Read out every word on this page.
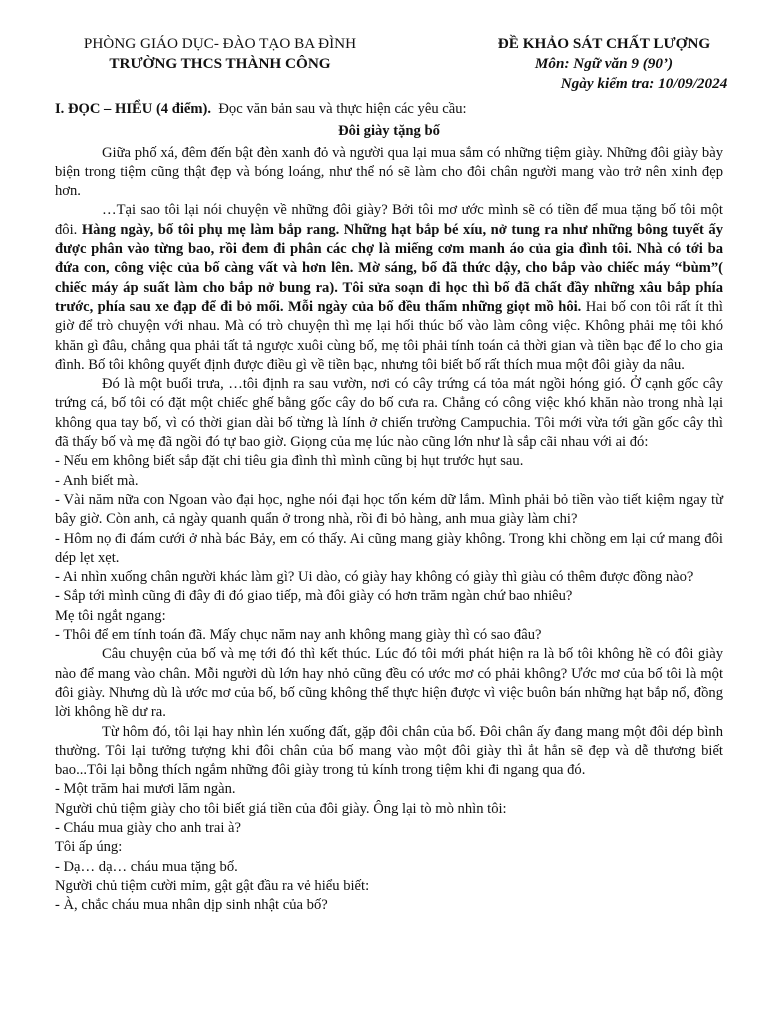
PHÒNG GIÁO DỤC- ĐÀO TẠO BA ĐÌNH
TRƯỜNG THCS THÀNH CÔNG
ĐỀ KHẢO SÁT CHẤT LƯỢNG
Môn: Ngữ văn 9 (90’)
Ngày kiểm tra: 10/09/2024

I. ĐỌC – HIỂU (4 điểm). Đọc văn bản sau và thực hiện các yêu cầu:

Đôi giày tặng bố

Giữa phố xá, đêm đến bật đèn xanh đỏ và người qua lại mua sắm có những tiệm giày. Những đôi giày bày biện trong tiệm cũng thật đẹp và bóng loáng, như thể nó sẽ làm cho đôi chân người mang vào trở nên xinh đẹp hơn.

…Tại sao tôi lại nói chuyện về những đôi giày? Bởi tôi mơ ước mình sẽ có tiền để mua tặng bố tôi một đôi. Hàng ngày, bố tôi phụ mẹ làm bắp rang. Những hạt bắp bé xíu, nở tung ra như những bông tuyết ấy được phân vào từng bao, rồi đem đi phân các chợ là miếng cơm manh áo của gia đình tôi. Nhà có tới ba đứa con, công việc của bố càng vất và hơn lên. Mờ sáng, bố đã thức dậy, cho bắp vào chiếc máy “bùm”( chiếc máy áp suất làm cho bắp nở bung ra). Tôi sửa soạn đi học thì bố đã chất đầy những xâu bắp phía trước, phía sau xe đạp để đi bỏ mối. Mỗi ngày của bố đều thấm những giọt mồ hôi. Hai bố con tôi rất ít thì giờ để trò chuyện với nhau. Mà có trò chuyện thì mẹ lại hối thúc bố vào làm công việc. Không phải mẹ tôi khó khăn gì đâu, chẳng qua phải tất tả ngược xuôi cùng bố, mẹ tôi phải tính toán cả thời gian và tiền bạc để lo cho gia đình. Bố tôi không quyết định được điều gì về tiền bạc, nhưng tôi biết bố rất thích mua một đôi giày da nâu.

Đó là một buổi trưa, …tôi định ra sau vườn, nơi có cây trứng cá tỏa mát ngồi hóng gió. Ở cạnh gốc cây trứng cá, bố tôi có đặt một chiếc ghế bằng gốc cây do bố cưa ra. Chẳng có công việc khó khăn nào trong nhà lại không qua tay bố, vì có thời gian dài bố từng là lính ở chiến trường Campuchia. Tôi mới vừa tới gần gốc cây thì đã thấy bố và mẹ đã ngồi đó tự bao giờ. Giọng của mẹ lúc nào cũng lớn như là sắp cãi nhau với ai đó:

- Nếu em không biết sắp đặt chi tiêu gia đình thì mình cũng bị hụt trước hụt sau.

- Anh biết mà.

- Vài năm nữa con Ngoan vào đại học, nghe nói đại học tốn kém dữ lắm. Mình phải bỏ tiền vào tiết kiệm ngay từ bây giờ. Còn anh, cả ngày quanh quẩn ở trong nhà, rồi đi bỏ hàng, anh mua giày làm chi?

- Hôm nọ đi đám cưới ở nhà bác Bảy, em có thấy. Ai cũng mang giày không. Trong khi chồng em lại cứ mang đôi dép lẹt xẹt.

- Ai nhìn xuống chân người khác làm gì? Ui dào, có giày hay không có giày thì giàu có thêm được đồng nào?

- Sắp tới mình cũng đi đây đi đó giao tiếp, mà đôi giày có hơn trăm ngàn chứ bao nhiêu?

Mẹ tôi ngắt ngang:

- Thôi để em tính toán đã. Mấy chục năm nay anh không mang giày thì có sao đâu?

Câu chuyện của bố và mẹ tới đó thì kết thúc. Lúc đó tôi mới phát hiện ra là bố tôi không hề có đôi giày nào để mang vào chân. Mỗi người dù lớn hay nhỏ cũng đều có ước mơ có phải không? Ước mơ của bố tôi là một đôi giày. Nhưng dù là ước mơ của bố, bố cũng không thể thực hiện được vì việc buôn bán những hạt bắp nổ, đồng lời không hề dư ra.

Từ hôm đó, tôi lại hay nhìn lén xuống đất, gặp đôi chân của bố. Đôi chân ấy đang mang một đôi dép bình thường. Tôi lại tưởng tượng khi đôi chân của bố mang vào một đôi giày thì ắt hẳn sẽ đẹp và dễ thương biết bao...Tôi lại bỗng thích ngắm những đôi giày trong tủ kính trong tiệm khi đi ngang qua đó.

- Một trăm hai mươi lăm ngàn.

Người chủ tiệm giày cho tôi biết giá tiền của đôi giày. Ông lại tò mò nhìn tôi:

- Cháu mua giày cho anh trai à?

Tôi ấp úng:

- Dạ… dạ… cháu mua tặng bố.

Người chủ tiệm cười mỉm, gật gật đầu ra vẻ hiểu biết:

- À, chắc cháu mua nhân dịp sinh nhật của bố?
